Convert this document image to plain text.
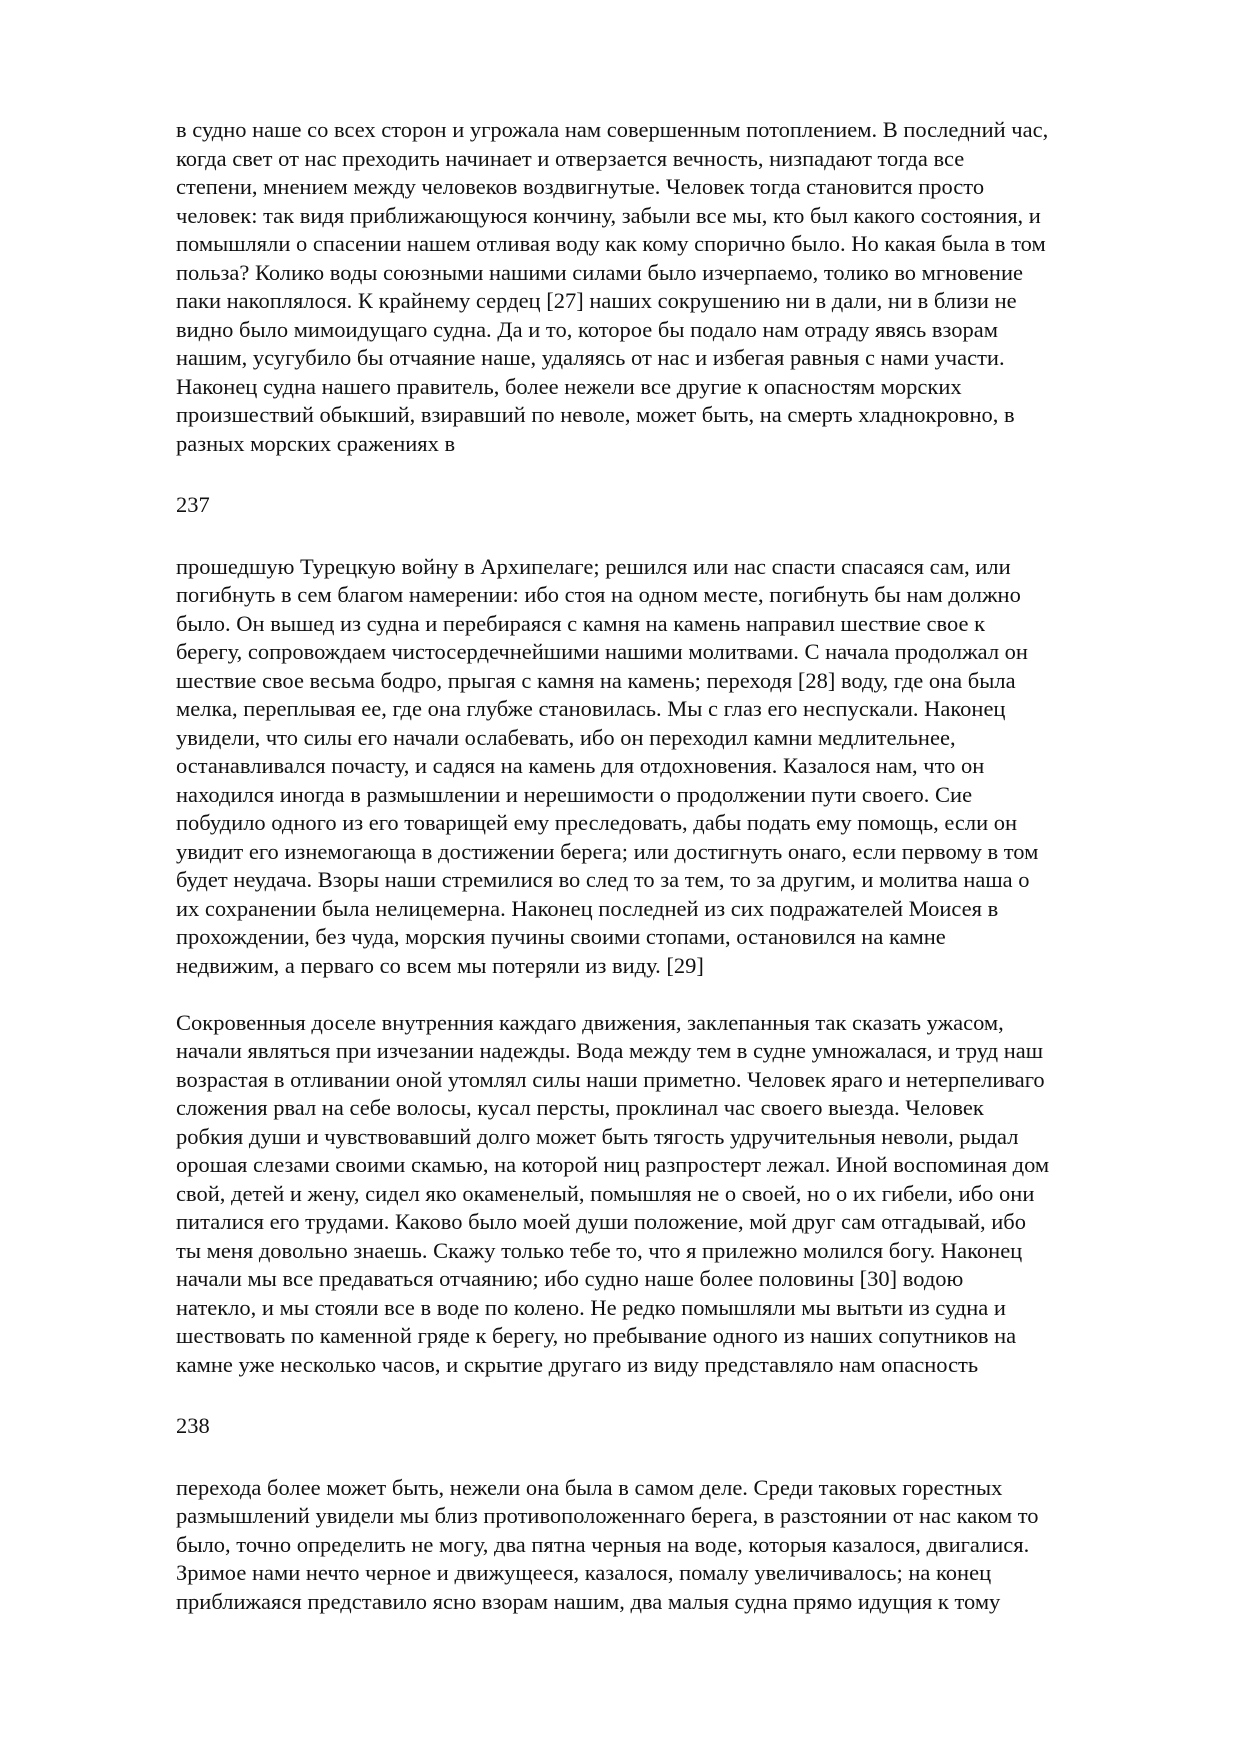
в судно наше со всех сторон и угрожала нам совершенным потоплением. В последний час,
когда свет от нас преходить начинает и отверзается вечность, низпадают тогда все
степени, мнением между человеков воздвигнутые. Человек тогда становится просто
человек: так видя приближающуюся кончину, забыли все мы, кто был какого состояния, и
помышляли о спасении нашем отливая воду как кому спорично было. Но какая была в том
польза? Колико воды союзными нашими силами было изчерпаемо, толико во мгновение
паки накоплялося. К крайнему сердец [27] наших сокрушению ни в дали, ни в близи не
видно было мимоидущаго судна. Да и то, которое бы подало нам отраду явясь взорам
нашим, усугубило бы отчаяние наше, удаляясь от нас и избегая равныя с нами участи.
Наконец судна нашего правитель, более нежели все другие к опасностям морских
произшествий обыкший, взиравший по неволе, может быть, на смерть хладнокровно, в
разных морских сражениях в
237
прошедшую Турецкую войну в Архипелаге; решился или нас спасти спасаяся сам, или
погибнуть в сем благом намерении: ибо стоя на одном месте, погибнуть бы нам должно
было. Он вышед из судна и перебираяся с камня на камень направил шествие свое к
берегу, сопровождаем чистосердечнейшими нашими молитвами. С начала продолжал он
шествие свое весьма бодро, прыгая с камня на камень; переходя [28] воду, где она была
мелка, переплывая ее, где она глубже становилась. Мы с глаз его неспускали. Наконец
увидели, что силы его начали ослабевать, ибо он переходил камни медлительнее,
останавливался почасту, и садяся на камень для отдохновения. Казалося нам, что он
находился иногда в размышлении и нерешимости о продолжении пути своего. Сие
побудило одного из его товарищей ему преследовать, дабы подать ему помощь, если он
увидит его изнемогающа в достижении берега; или достигнуть онаго, если первому в том
будет неудача. Взоры наши стремилися во след то за тем, то за другим, и молитва наша о
их сохранении была нелицемерна. Наконец последней из сих подражателей Моисея в
прохождении, без чуда, морския пучины своими стопами, остановился на камне
недвижим, а перваго со всем мы потеряли из виду. [29]
Сокровенныя доселе внутренния каждаго движения, заклепанныя так сказать ужасом,
начали являться при изчезании надежды. Вода между тем в судне умножалася, и труд наш
возрастая в отливании оной утомлял силы наши приметно. Человек яраго и нетерпеливаго
сложения рвал на себе волосы, кусал персты, проклинал час своего выезда. Человек
робкия души и чувствовавший долго может быть тягость удручительныя неволи, рыдал
орошая слезами своими скамью, на которой ниц разпростерт лежал. Иной воспоминая дом
свой, детей и жену, сидел яко окаменелый, помышляя не о своей, но о их гибели, ибо они
питалися его трудами. Каково было моей души положение, мой друг сам отгадывай, ибо
ты меня довольно знаешь. Скажу только тебе то, что я прилежно молился богу. Наконец
начали мы все предаваться отчаянию; ибо судно наше более половины [30] водою
натекло, и мы стояли все в воде по колено. Не редко помышляли мы вытьти из судна и
шествовать по каменной гряде к берегу, но пребывание одного из наших сопутников на
камне уже несколько часов, и скрытие другаго из виду представляло нам опасность
238
перехода более может быть, нежели она была в самом деле. Среди таковых горестных
размышлений увидели мы близ противоположеннаго берега, в разстоянии от нас каком то
было, точно определить не могу, два пятна черныя на воде, которыя казалося, двигалися.
Зримое нами нечто черное и движущееся, казалося, помалу увеличивалось; на конец
приближаяся представило ясно взорам нашим, два малыя судна прямо идущия к тому
